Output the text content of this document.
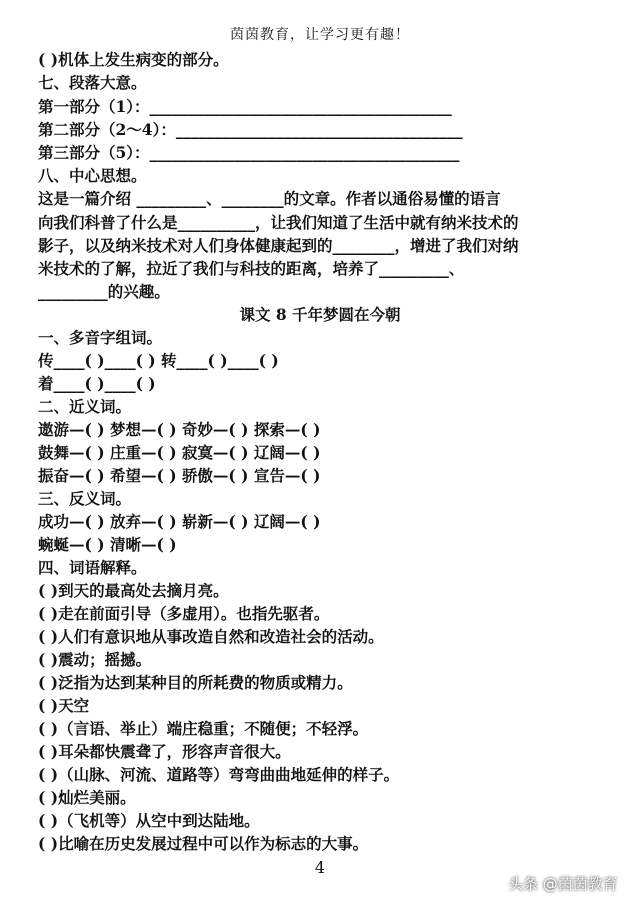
茵茵教育，让学习更有趣！
( )机体上发生病变的部分。
七、段落大意。
第一部分（1）：_______________________________________
第二部分（2～4）：_____________________________________
第三部分（5）：________________________________________
八、中心思想。
这是一篇介绍 _________、________的文章。作者以通俗易懂的语言
向我们科普了什么是__________，让我们知道了生活中就有纳米技术的
影子，以及纳米技术对人们身体健康起到的________，增进了我们对纳
米技术的了解，拉近了我们与科技的距离，培养了_________、
_________的兴趣。
课文 8 千年梦圆在今朝
一、多音字组词。
传____( )____( ) 转____( )____( )
着____( )____( )
二、近义词。
遨游—( ) 梦想—( ) 奇妙—( ) 探索—( )
鼓舞—( ) 庄重—( ) 寂寞—( ) 辽阔—( )
振奋—( ) 希望—( ) 骄傲—( ) 宣告—( )
三、反义词。
成功—( ) 放弃—( ) 崭新—( ) 辽阔—( )
蜿蜒—( ) 清晰—( )
四、词语解释。
( )到天的最高处去摘月亮。
( )走在前面引导（多虚用）。也指先驱者。
( )人们有意识地从事改造自然和改造社会的活动。
( )震动；摇撼。
( )泛指为达到某种目的所耗费的物质或精力。
( )天空
( )（言语、举止）端庄稳重；不随便；不轻浮。
( )耳朵都快震聋了，形容声音很大。
( )（山脉、河流、道路等）弯弯曲曲地延伸的样子。
( )灿烂美丽。
( )（飞机等）从空中到达陆地。
( )比喻在历史发展过程中可以作为标志的大事。
4
头条 @茵茵教育
